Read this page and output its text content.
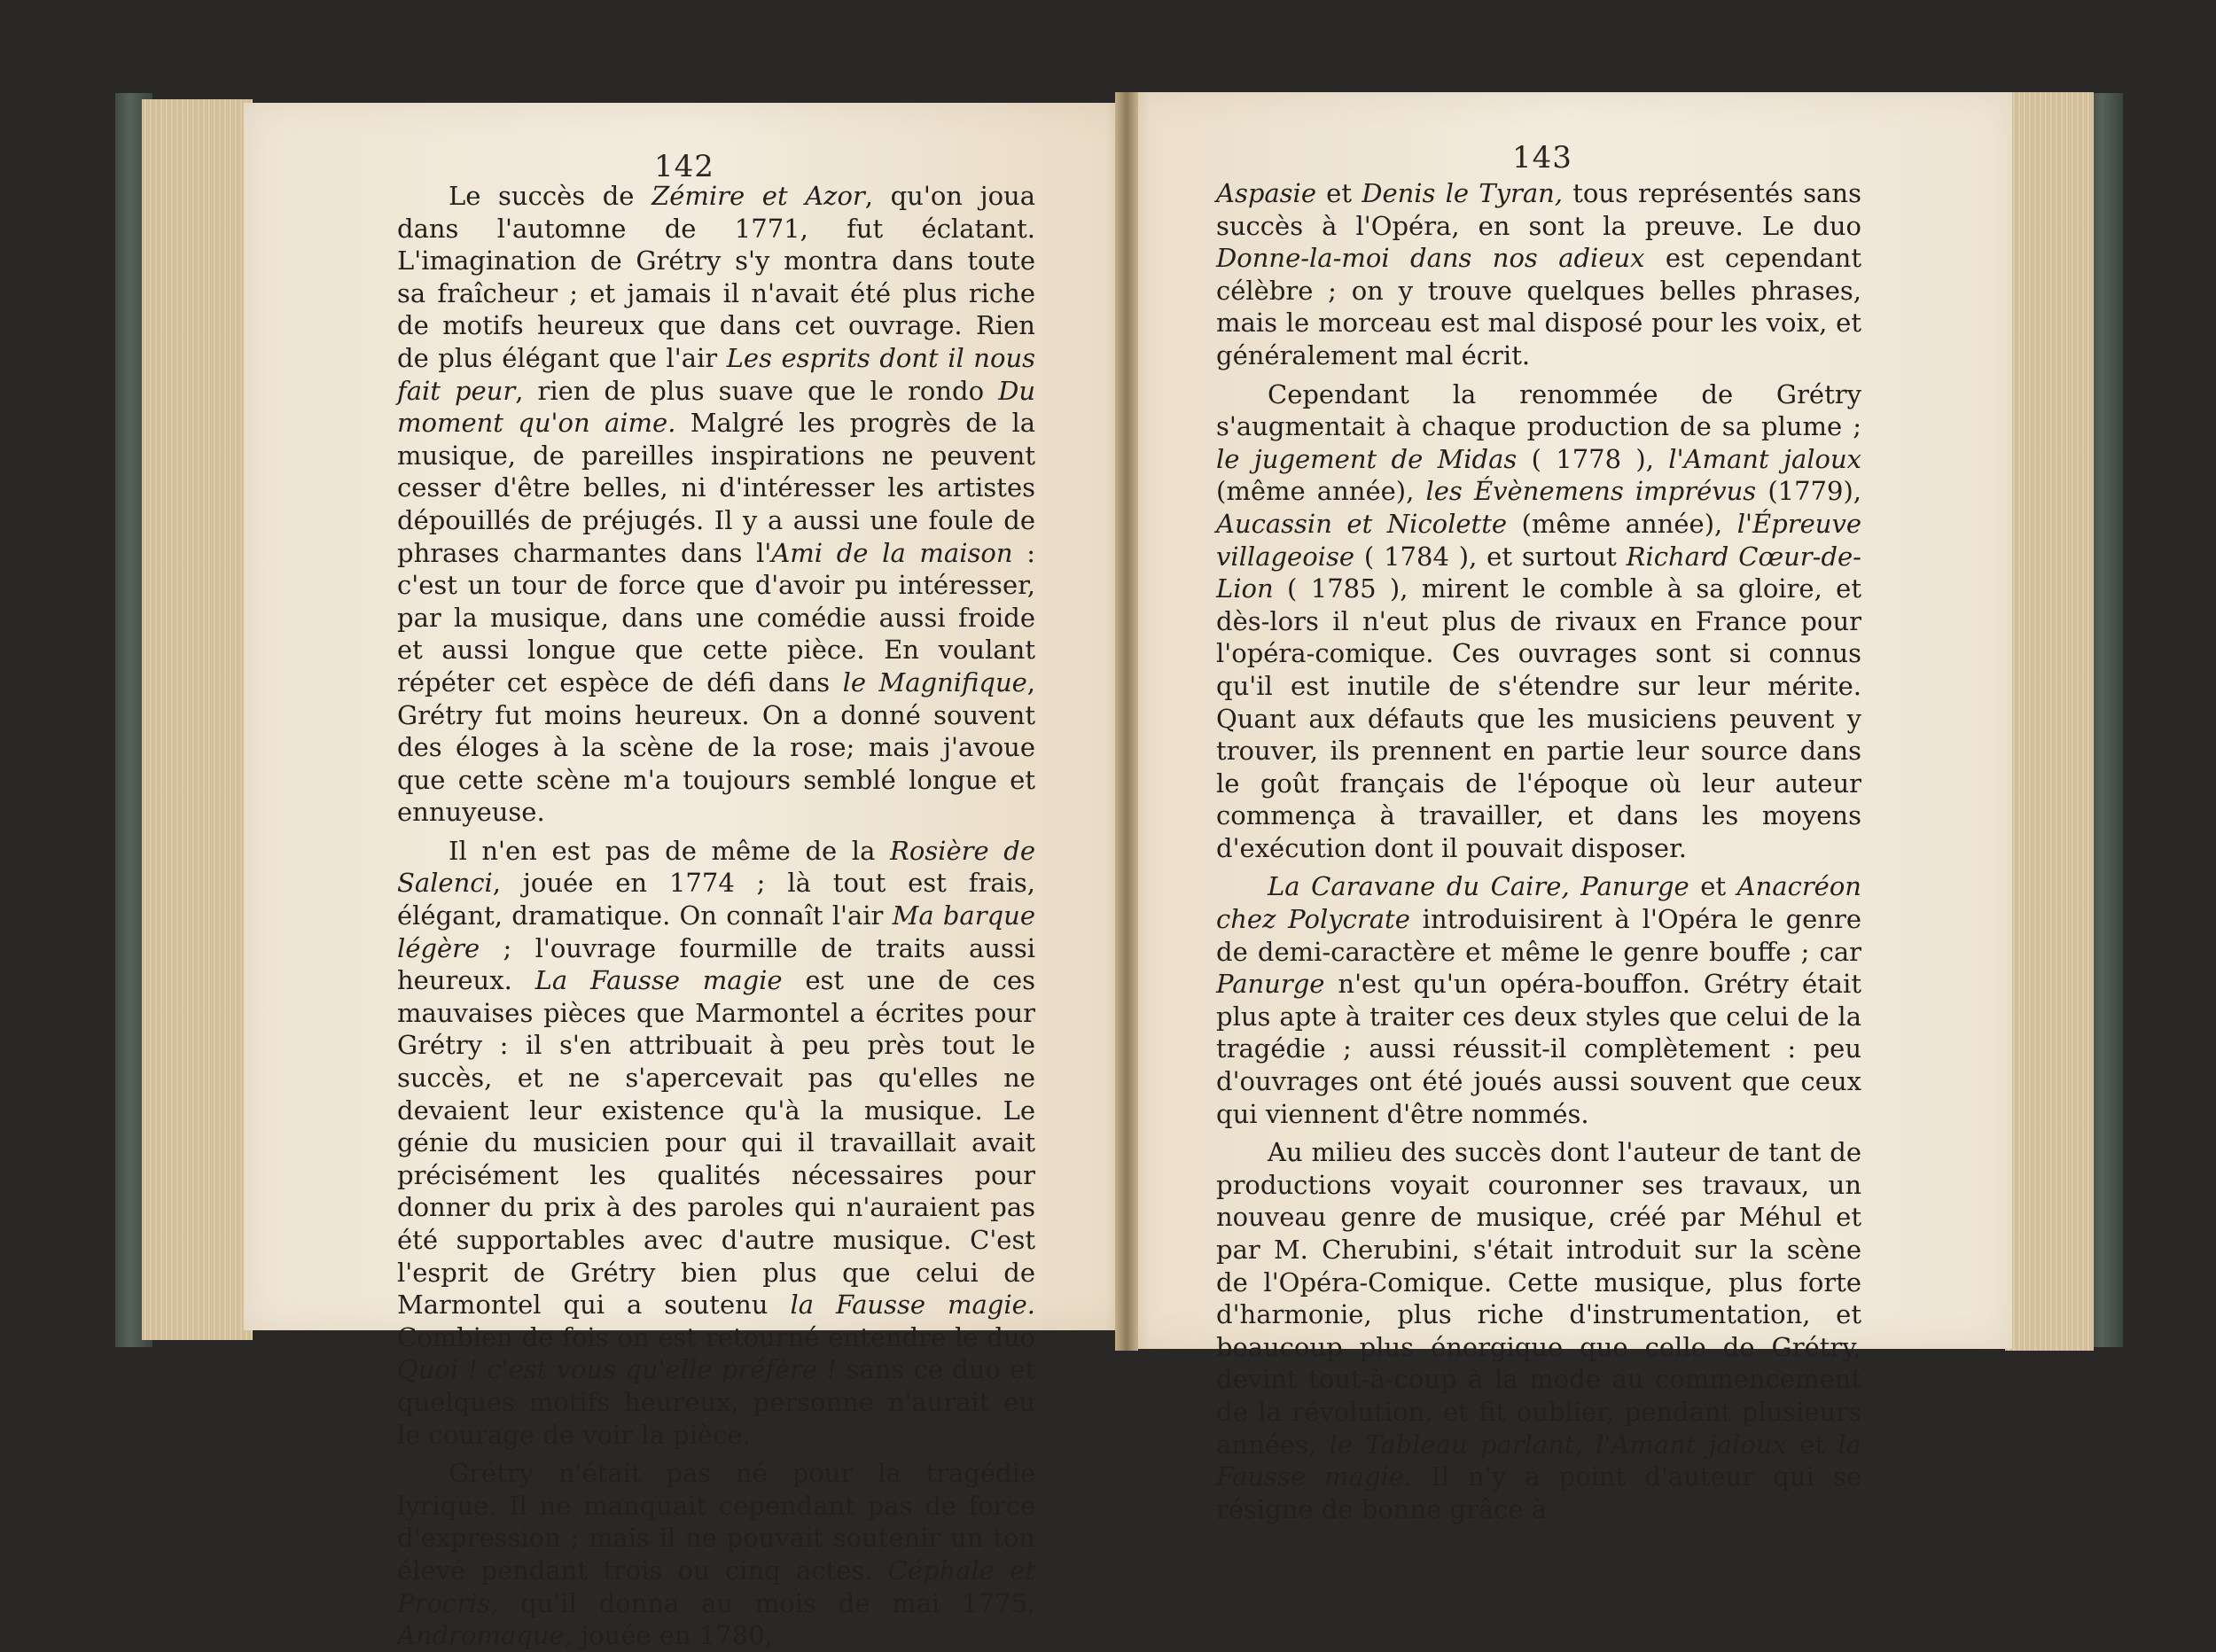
142	143

Le succès de Zémire et Azor, qu'on joua dans l'automne de 1771, fut éclatant. L'imagination de Grétry s'y montra dans toute sa fraîcheur ; et jamais il n'avait été plus riche de motifs heureux que dans cet ouvrage. Rien de plus élégant que l'air Les esprits dont il nous fait peur, rien de plus suave que le rondo Du moment qu'on aime. Malgré les progrès de la musique, de pareilles inspirations ne peuvent cesser d'être belles, ni d'intéresser les artistes dépouillés de préjugés. Il y a aussi une foule de phrases charmantes dans l'Ami de la maison : c'est un tour de force que d'avoir pu intéresser, par la musique, dans une comédie aussi froide et aussi longue que cette pièce. En voulant répéter cet espèce de défi dans le Magnifique, Grétry fut moins heureux. On a donné souvent des éloges à la scène de la rose; mais j'avoue que cette scène m'a toujours semblé longue et ennuyeuse.

Il n'en est pas de même de la Rosière de Salenci, jouée en 1774 ; là tout est frais, élégant, dramatique. On connaît l'air Ma barque légère ; l'ouvrage fourmille de traits aussi heureux. La Fausse magie est une de ces mauvaises pièces que Marmontel a écrites pour Grétry : il s'en attribuait à peu près tout le succès, et ne s'apercevait pas qu'elles ne devaient leur existence qu'à la musique. Le génie du musicien pour qui il travaillait avait précisément les qualités nécessaires pour donner du prix à des paroles qui n'auraient pas été supportables avec d'autre musique. C'est l'esprit de Grétry bien plus que celui de Marmontel qui a soutenu la Fausse magie. Combien de fois on est retourné entendre le duo Quoi ! c'est vous qu'elle préfère ! sans ce duo et quelques motifs heureux, personne n'aurait eu le courage de voir la pièce.

Grétry n'était pas né pour la tragédie lyrique. Il ne manquait cependant pas de force d'expression ; mais il ne pouvait soutenir un ton élevé pendant trois ou cinq actes. Céphale et Procris, qu'il donna au mois de mai 1775, Andromaque, jouée en 1780,

Aspasie et Denis le Tyran, tous représentés sans succès à l'Opéra, en sont la preuve. Le duo Donne-la-moi dans nos adieux est cependant célèbre ; on y trouve quelques belles phrases, mais le morceau est mal disposé pour les voix, et généralement mal écrit.

Cependant la renommée de Grétry s'augmentait à chaque production de sa plume ; le jugement de Midas ( 1778 ), l'Amant jaloux (même année), les Évènemens imprévus (1779), Aucassin et Nicolette (même année), l'Épreuve villageoise ( 1784 ), et surtout Richard Cœur-de-Lion ( 1785 ), mirent le comble à sa gloire, et dès-lors il n'eut plus de rivaux en France pour l'opéra-comique. Ces ouvrages sont si connus qu'il est inutile de s'étendre sur leur mérite. Quant aux défauts que les musiciens peuvent y trouver, ils prennent en partie leur source dans le goût français de l'époque où leur auteur commença à travailler, et dans les moyens d'exécution dont il pouvait disposer.

La Caravane du Caire, Panurge et Anacréon chez Polycrate introduisirent à l'Opéra le genre de demi-caractère et même le genre bouffe ; car Panurge n'est qu'un opéra-bouffon. Grétry était plus apte à traiter ces deux styles que celui de la tragédie ; aussi réussit-il complètement : peu d'ouvrages ont été joués aussi souvent que ceux qui viennent d'être nommés.

Au milieu des succès dont l'auteur de tant de productions voyait couronner ses travaux, un nouveau genre de musique, créé par Méhul et par M. Cherubini, s'était introduit sur la scène de l'Opéra-Comique. Cette musique, plus forte d'harmonie, plus riche d'instrumentation, et beaucoup plus énergique que celle de Grétry, devint tout-à-coup à la mode au commencement de la révolution, et fit oublier, pendant plusieurs années, le Tableau parlant, l'Amant jaloux et la Fausse magie. Il n'y a point d'auteur qui se résigne de bonne grâce à
